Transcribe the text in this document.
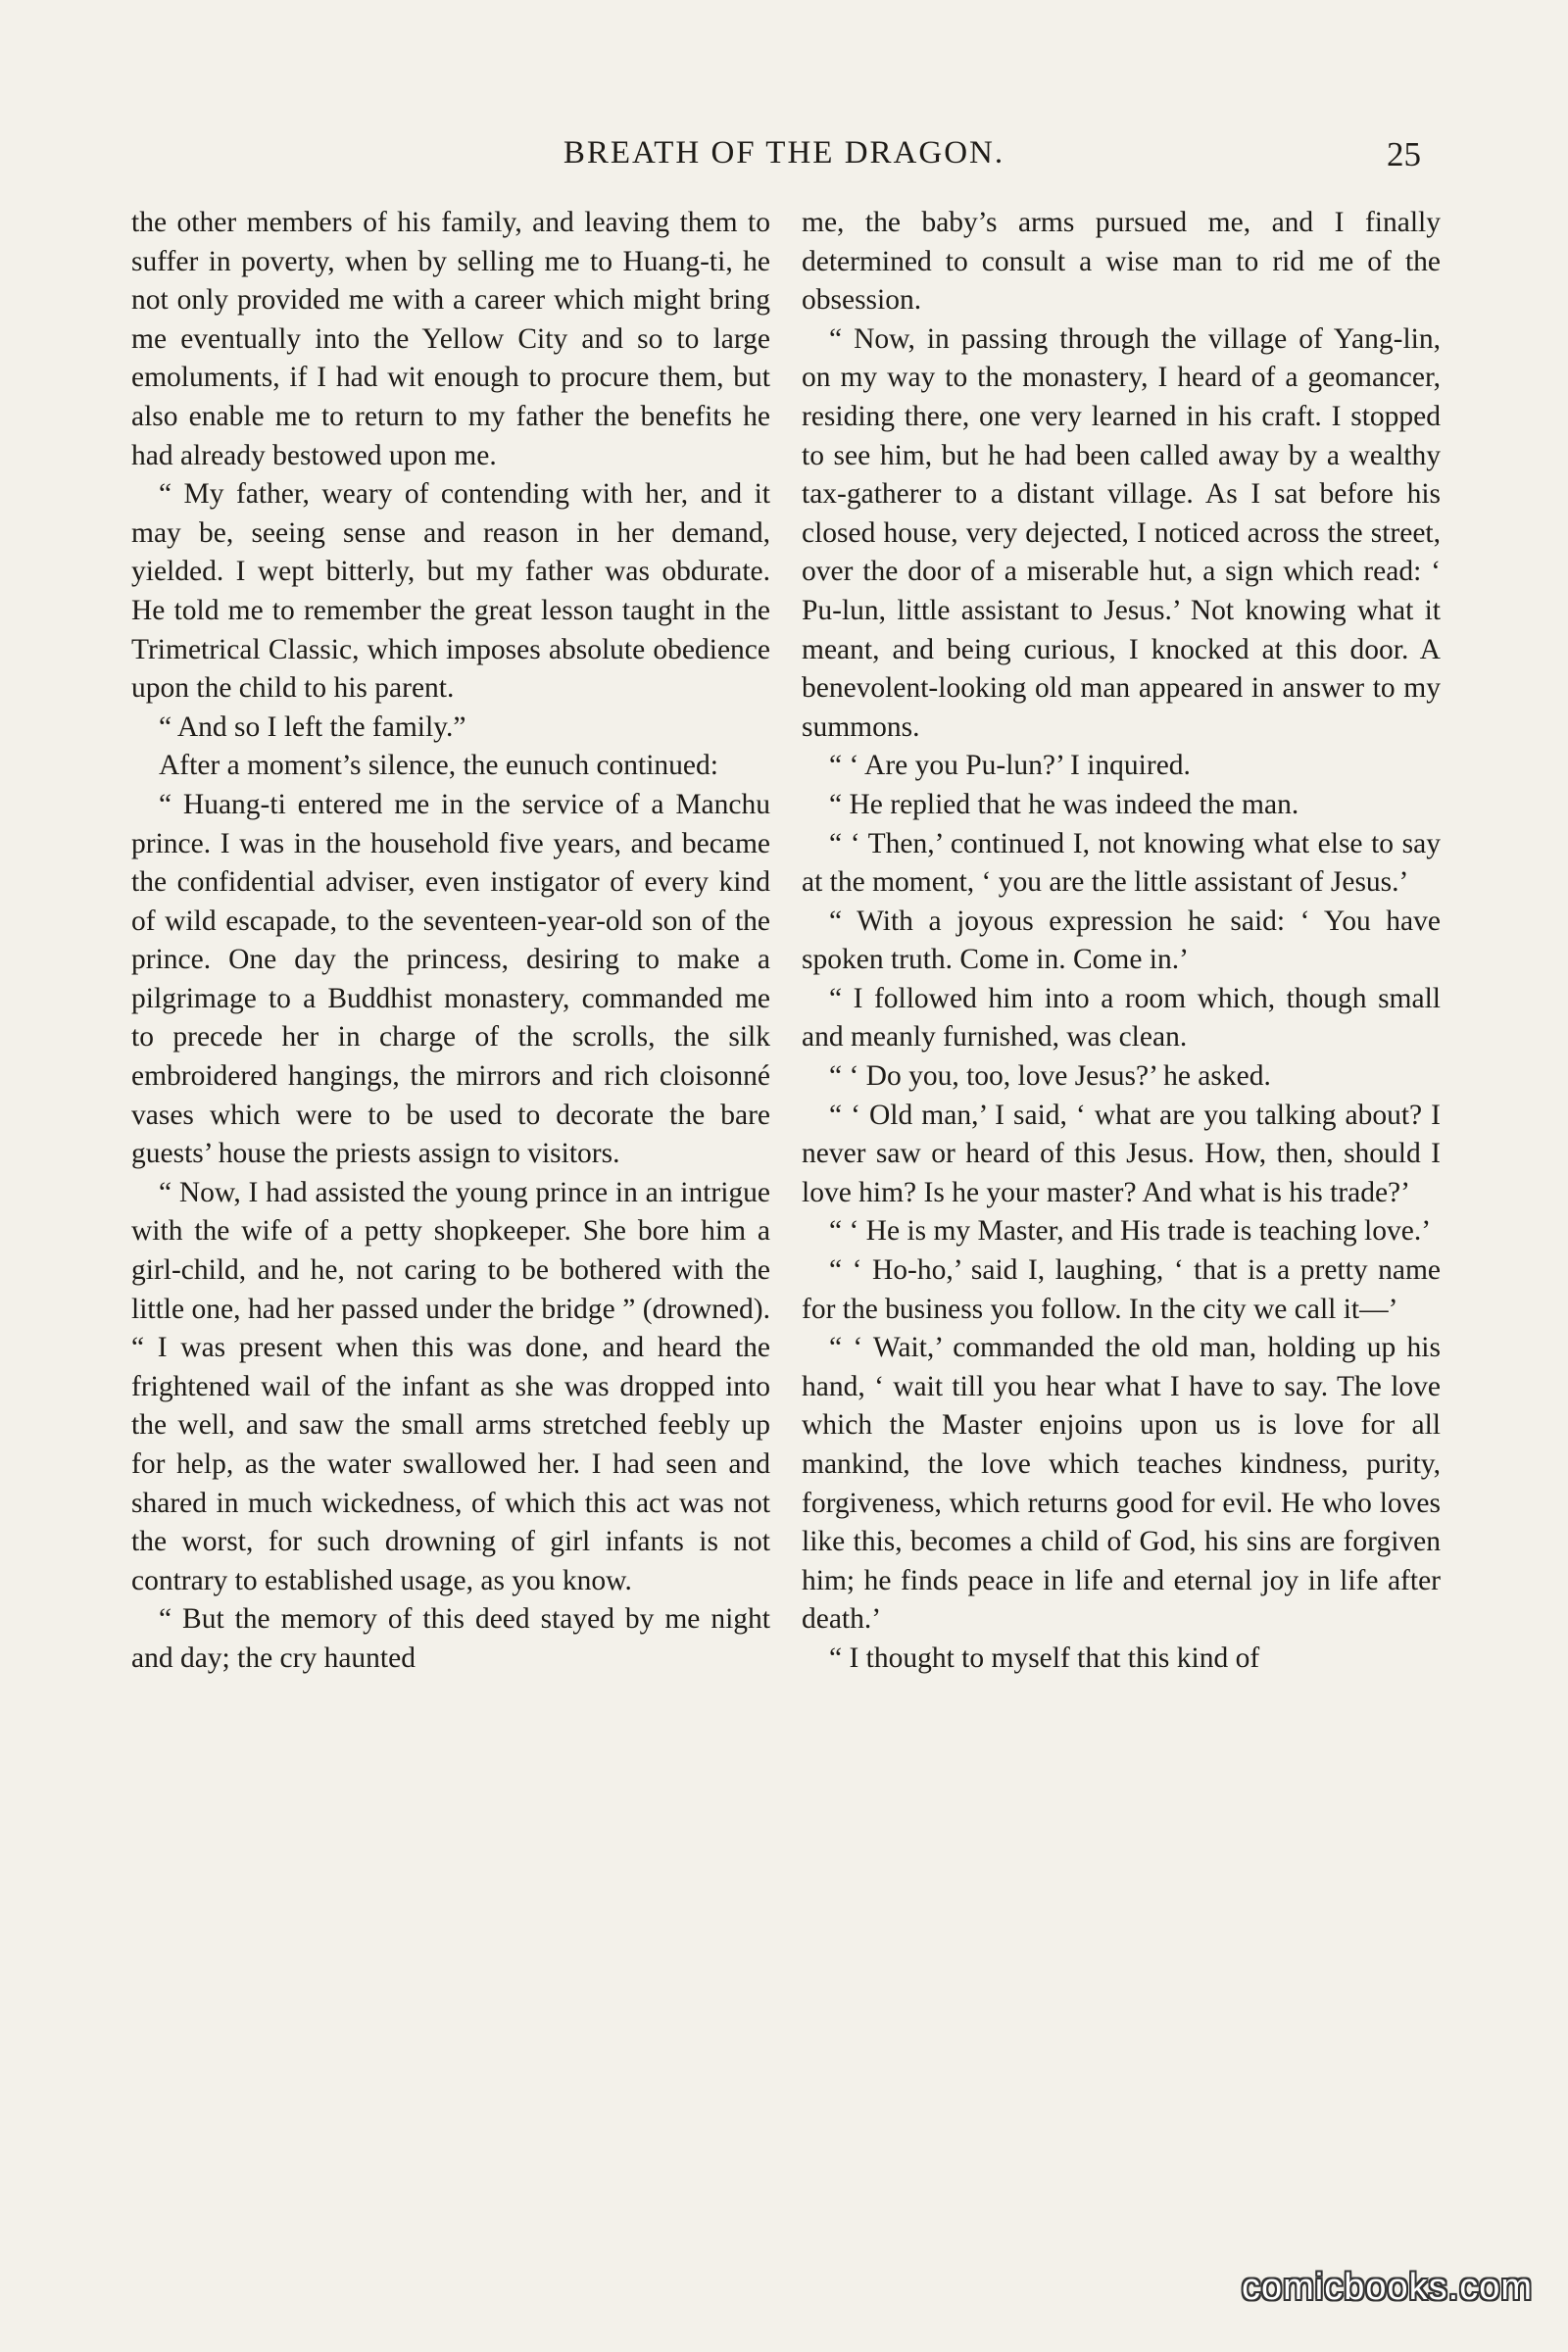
BREATH OF THE DRAGON.	25

the other members of his family, and leaving them to suffer in poverty, when by selling me to Huang-ti, he not only provided me with a career which might bring me eventually into the Yellow City and so to large emoluments, if I had wit enough to procure them, but also enable me to return to my father the benefits he had already bestowed upon me.

“ My father, weary of contending with her, and it may be, seeing sense and reason in her demand, yielded. I wept bitterly, but my father was obdurate. He told me to remember the great lesson taught in the Trimetrical Classic, which imposes absolute obedience upon the child to his parent.

“ And so I left the family.”

After a moment’s silence, the eunuch continued:

“ Huang-ti entered me in the service of a Manchu prince. I was in the household five years, and became the confidential adviser, even instigator of every kind of wild escapade, to the seventeen-year-old son of the prince. One day the princess, desiring to make a pilgrimage to a Buddhist monastery, commanded me to precede her in charge of the scrolls, the silk embroidered hangings, the mirrors and rich cloisonné vases which were to be used to decorate the bare guests’ house the priests assign to visitors.

“ Now, I had assisted the young prince in an intrigue with the wife of a petty shopkeeper. She bore him a girl-child, and he, not caring to be bothered with the little one, had her passed under the bridge ” (drowned). “ I was present when this was done, and heard the frightened wail of the infant as she was dropped into the well, and saw the small arms stretched feebly up for help, as the water swallowed her. I had seen and shared in much wickedness, of which this act was not the worst, for such drowning of girl infants is not contrary to established usage, as you know.

“ But the memory of this deed stayed by me night and day; the cry haunted

me, the baby’s arms pursued me, and I finally determined to consult a wise man to rid me of the obsession.

“ Now, in passing through the village of Yang-lin, on my way to the monastery, I heard of a geomancer, residing there, one very learned in his craft. I stopped to see him, but he had been called away by a wealthy tax-gatherer to a distant village. As I sat before his closed house, very dejected, I noticed across the street, over the door of a miserable hut, a sign which read: ‘ Pu-lun, little assistant to Jesus.’ Not knowing what it meant, and being curious, I knocked at this door. A benevolent-looking old man appeared in answer to my summons.

“ ‘ Are you Pu-lun?’ I inquired.

“ He replied that he was indeed the man.

“ ‘ Then,’ continued I, not knowing what else to say at the moment, ‘ you are the little assistant of Jesus.’

“ With a joyous expression he said: ‘ You have spoken truth. Come in. Come in.’

“ I followed him into a room which, though small and meanly furnished, was clean.

“ ‘ Do you, too, love Jesus?’ he asked.

“ ‘ Old man,’ I said, ‘ what are you talking about? I never saw or heard of this Jesus. How, then, should I love him? Is he your master? And what is his trade?’

“ ‘ He is my Master, and His trade is teaching love.’

“ ‘ Ho-ho,’ said I, laughing, ‘ that is a pretty name for the business you follow. In the city we call it—’

“ ‘ Wait,’ commanded the old man, holding up his hand, ‘ wait till you hear what I have to say. The love which the Master enjoins upon us is love for all mankind, the love which teaches kindness, purity, forgiveness, which returns good for evil. He who loves like this, becomes a child of God, his sins are forgiven him; he finds peace in life and eternal joy in life after death.’

“ I thought to myself that this kind of

comicbooks.com
